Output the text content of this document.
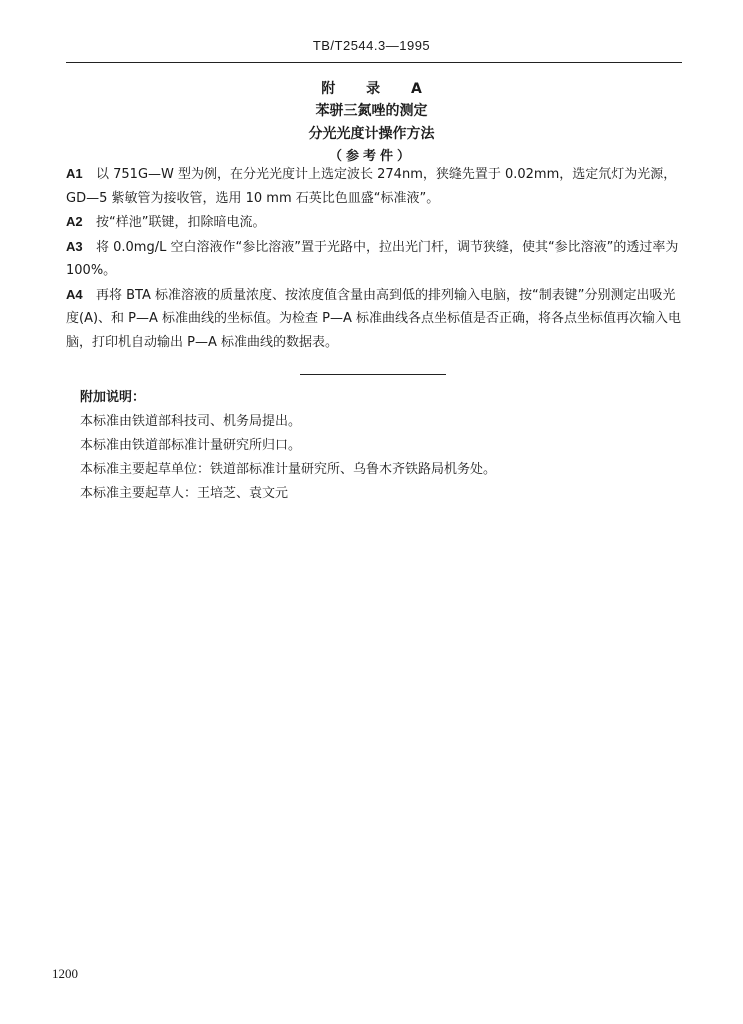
TB/T2544.3—1995
附 录 A
苯骈三氮唑的测定
分光光度计操作方法
（参考件）

A1 以 751G—W 型为例，在分光光度计上选定波长 274nm，狭缝先置于 0.02mm，选定氘灯为光源，GD—5 紫敏管为接收管，选用 10 mm 石英比色皿盛“标准液”。

A2 按“样池”联键，扣除暗电流。

A3 将 0.0mg/L 空白溶液作“参比溶液”置于光路中，拉出光门杆，调节狭缝，使其“参比溶液”的透过率为 100%。

A4 再将 BTA 标准溶液的质量浓度、按浓度值含量由高到低的排列输入电脑，按“制表键”分别测定出吸光度(A)、和 P—A 标准曲线的坐标值。为检查 P—A 标准曲线各点坐标值是否正确，将各点坐标值再次输入电脑，打印机自动输出 P—A 标准曲线的数据表。

附加说明：
本标准由铁道部科技司、机务局提出。
本标准由铁道部标准计量研究所归口。
本标准主要起草单位：铁道部标准计量研究所、乌鲁木齐铁路局机务处。
本标准主要起草人：王培芝、袁文元
1200
